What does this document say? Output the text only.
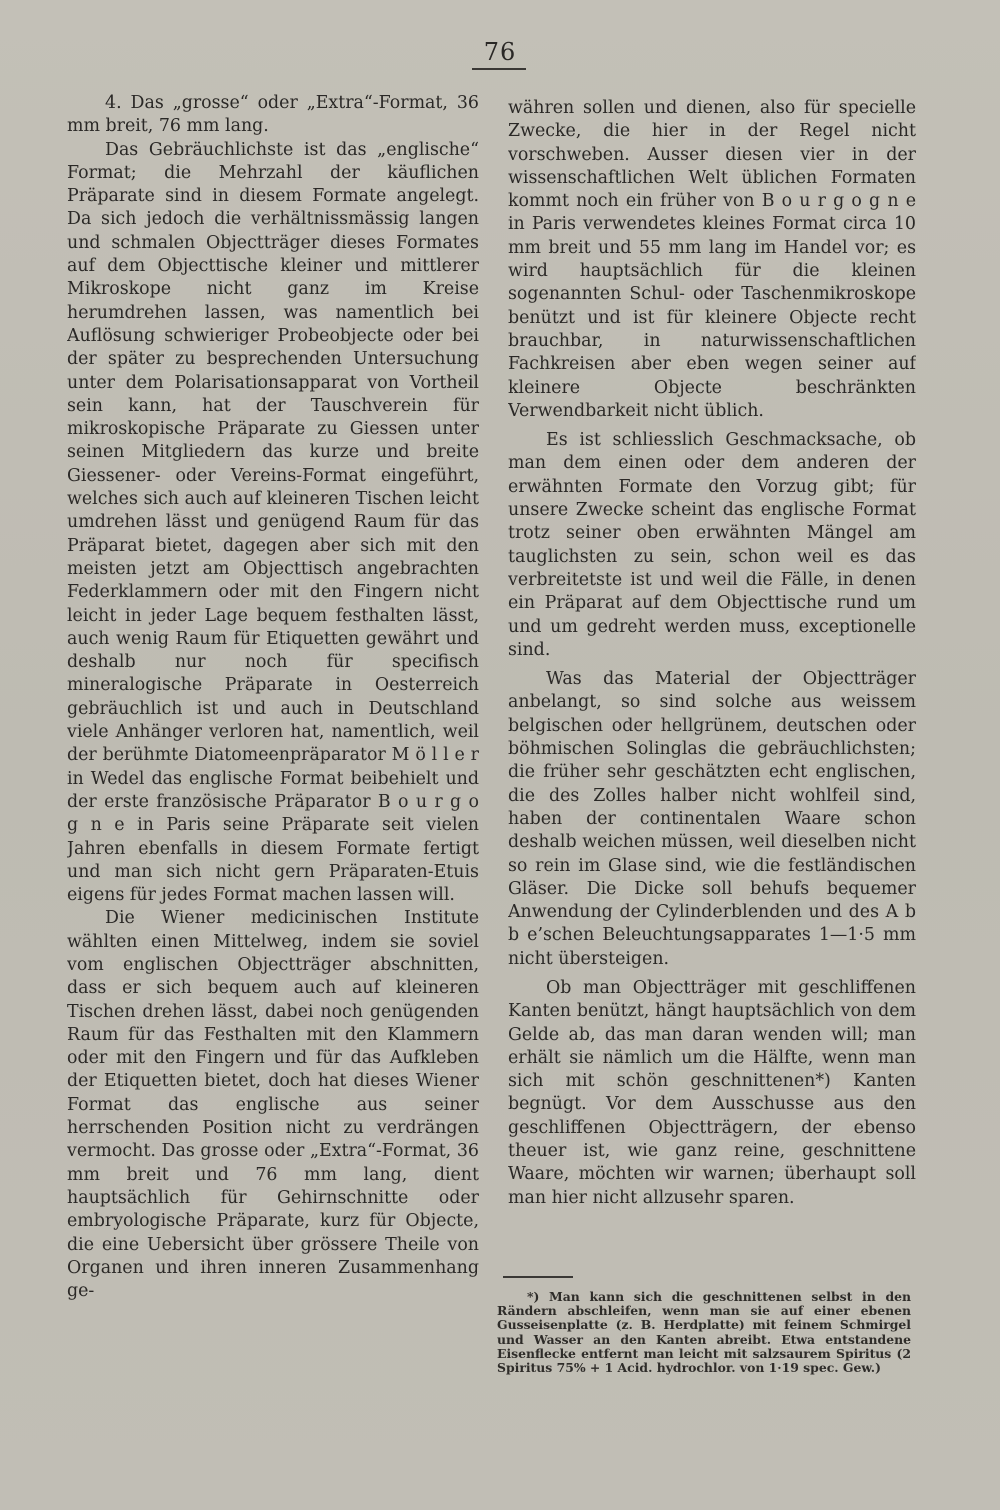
76

4. Das „grosse“ oder „Extra“-Format, 36 mm breit, 76 mm lang.

Das Gebräuchlichste ist das „englische“ Format; die Mehrzahl der käuflichen Präparate sind in diesem Formate angelegt. Da sich jedoch die verhältnissmässig langen und schmalen Objectträger dieses Formates auf dem Objecttische kleiner und mittlerer Mikroskope nicht ganz im Kreise herumdrehen lassen, was namentlich bei Auflösung schwieriger Probeobjecte oder bei der später zu besprechenden Untersuchung unter dem Polarisationsapparat von Vortheil sein kann, hat der Tauschverein für mikroskopische Präparate zu Giessen unter seinen Mitgliedern das kurze und breite Giessener- oder Vereins-Format eingeführt, welches sich auch auf kleineren Tischen leicht umdrehen lässt und genügend Raum für das Präparat bietet, dagegen aber sich mit den meisten jetzt am Objecttisch angebrachten Federklammern oder mit den Fingern nicht leicht in jeder Lage bequem festhalten lässt, auch wenig Raum für Etiquetten gewährt und deshalb nur noch für specifisch mineralogische Präparate in Oesterreich gebräuchlich ist und auch in Deutschland viele Anhänger verloren hat, namentlich, weil der berühmte Diatomeenpräparator M ö l l e r in Wedel das englische Format beibehielt und der erste französische Präparator B o u r g o g n e in Paris seine Präparate seit vielen Jahren ebenfalls in diesem Formate fertigt und man sich nicht gern Präparaten-Etuis eigens für jedes Format machen lassen will.

Die Wiener medicinischen Institute wählten einen Mittelweg, indem sie soviel vom englischen Objectträger abschnitten, dass er sich bequem auch auf kleineren Tischen drehen lässt, dabei noch genügenden Raum für das Festhalten mit den Klammern oder mit den Fingern und für das Aufkleben der Etiquetten bietet, doch hat dieses Wiener Format das englische aus seiner herrschenden Position nicht zu verdrängen vermocht. Das grosse oder „Extra“-Format, 36 mm breit und 76 mm lang, dient hauptsächlich für Gehirnschnitte oder embryologische Präparate, kurz für Objecte, die eine Uebersicht über grössere Theile von Organen und ihren inneren Zusammenhang ge-

währen sollen und dienen, also für specielle Zwecke, die hier in der Regel nicht vorschweben. Ausser diesen vier in der wissenschaftlichen Welt üblichen Formaten kommt noch ein früher von B o u r g o g n e in Paris verwendetes kleines Format circa 10 mm breit und 55 mm lang im Handel vor; es wird hauptsächlich für die kleinen sogenannten Schul- oder Taschenmikroskope benützt und ist für kleinere Objecte recht brauchbar, in naturwissenschaftlichen Fachkreisen aber eben wegen seiner auf kleinere Objecte beschränkten Verwendbarkeit nicht üblich.

Es ist schliesslich Geschmacksache, ob man dem einen oder dem anderen der erwähnten Formate den Vorzug gibt; für unsere Zwecke scheint das englische Format trotz seiner oben erwähnten Mängel am tauglichsten zu sein, schon weil es das verbreitetste ist und weil die Fälle, in denen ein Präparat auf dem Objecttische rund um und um gedreht werden muss, exceptionelle sind.

Was das Material der Objectträger anbelangt, so sind solche aus weissem belgischen oder hellgrünem, deutschen oder böhmischen Solinglas die gebräuchlichsten; die früher sehr geschätzten echt englischen, die des Zolles halber nicht wohlfeil sind, haben der continentalen Waare schon deshalb weichen müssen, weil dieselben nicht so rein im Glase sind, wie die festländischen Gläser. Die Dicke soll behufs bequemer Anwendung der Cylinderblenden und des A b b e’schen Beleuchtungsapparates 1—1·5 mm nicht übersteigen.

Ob man Objectträger mit geschliffenen Kanten benützt, hängt hauptsächlich von dem Gelde ab, das man daran wenden will; man erhält sie nämlich um die Hälfte, wenn man sich mit schön geschnittenen*) Kanten begnügt. Vor dem Ausschusse aus den geschliffenen Objectträgern, der ebenso theuer ist, wie ganz reine, geschnittene Waare, möchten wir warnen; überhaupt soll man hier nicht allzusehr sparen.

*) Man kann sich die geschnittenen selbst in den Rändern abschleifen, wenn man sie auf einer ebenen Gusseisenplatte (z. B. Herdplatte) mit feinem Schmirgel und Wasser an den Kanten abreibt. Etwa entstandene Eisenflecke entfernt man leicht mit salzsaurem Spiritus (2 Spiritus 75% + 1 Acid. hydrochlor. von 1·19 spec. Gew.)
